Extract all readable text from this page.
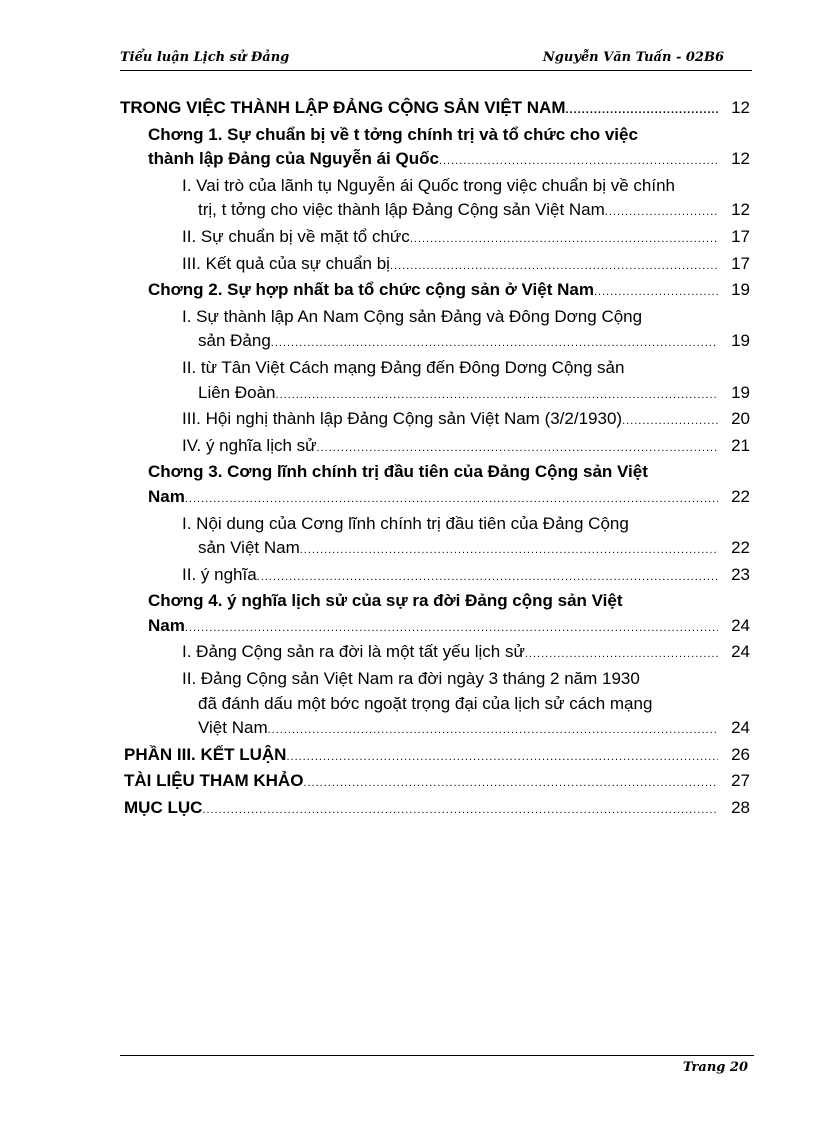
Tiểu luận Lịch sử Đảng	Nguyễn Văn Tuấn - 02B6
TRONG VIỆC THÀNH LẬP ĐẢNG CỘNG SẢN VIỆT NAM .....	12
Chơng 1. Sự chuẩn bị về t tởng chính trị và tổ chức cho việc
thành lập Đảng của Nguyễn ái Quốc .....	12
I. Vai trò của lãnh tụ Nguyễn ái Quốc trong việc chuẩn bị về chính
trị, t tởng cho việc thành lập Đảng Cộng sản Việt Nam .....	12
II. Sự chuẩn bị về mặt tổ chức .....	17
III. Kết quả của sự chuẩn bị .....	17
Chơng 2. Sự hợp nhất ba tổ chức cộng sản ở Việt Nam .....	19
I. Sự thành lập An Nam Cộng sản Đảng và Đông Dơng Cộng
sản Đảng .....	19
II. từ Tân Việt Cách mạng Đảng đến Đông Dơng Cộng sản
Liên Đoàn .....	19
III. Hội nghị thành lập Đảng Cộng sản Việt Nam (3/2/1930) .....	20
IV. ý nghĩa lịch sử .....	21
Chơng 3. Cơng lĩnh chính trị đầu tiên của Đảng Cộng sản Việt
Nam .....	22
I. Nội dung của Cơng lĩnh chính trị đầu tiên của Đảng Cộng
sản Việt Nam .....	22
II. ý nghĩa .....	23
Chơng 4. ý nghĩa lịch sử của sự ra đời Đảng cộng sản Việt
Nam .....	24
I. Đảng Cộng sản ra đời là một tất yếu lịch sử .....	24
II. Đảng Cộng sản Việt Nam ra đời ngày 3 tháng 2 năm 1930
đã đánh dấu một bớc ngoặt trọng đại của lịch sử cách mạng
Việt Nam .....	24
PHẦN III. KẾT LUẬN .....	26
TÀI LIỆU THAM KHẢO .....	27
MỤC LỤC .....	28
Trang 20
